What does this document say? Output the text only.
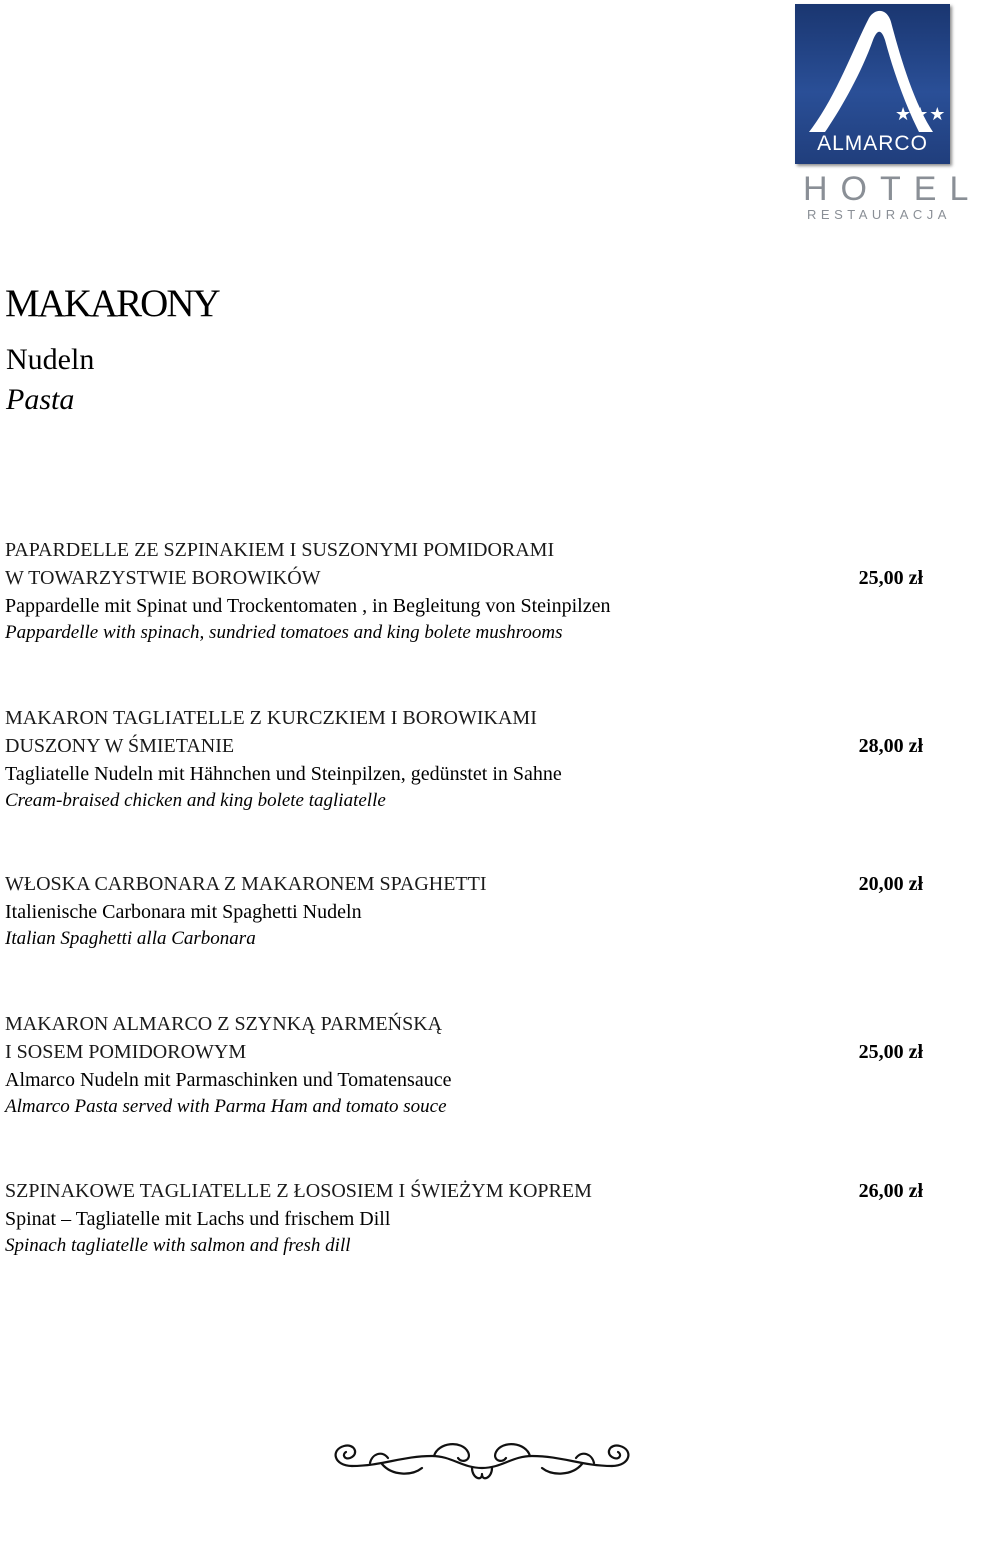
★★★
ALMARCO
HOTEL
RESTAURACJA
MAKARONY
Nudeln
Pasta
PAPARDELLE ZE SZPINAKIEM I SUSZONYMI POMIDORAMI
W TOWARZYSTWIE BOROWIKÓW
Pappardelle mit Spinat und Trockentomaten , in Begleitung von Steinpilzen
Pappardelle with spinach, sundried tomatoes and king bolete mushrooms
25,00 zł
MAKARON TAGLIATELLE Z KURCZKIEM I BOROWIKAMI
DUSZONY W ŚMIETANIE
Tagliatelle Nudeln mit Hähnchen und Steinpilzen, gedünstet in Sahne
Cream-braised chicken and king bolete tagliatelle
28,00 zł
WŁOSKA CARBONARA Z MAKARONEM SPAGHETTI
Italienische Carbonara mit Spaghetti Nudeln
Italian Spaghetti alla Carbonara
20,00 zł
MAKARON ALMARCO Z SZYNKĄ PARMEŃSKĄ
I SOSEM POMIDOROWYM
Almarco Nudeln mit Parmaschinken und Tomatensauce
Almarco Pasta served with Parma Ham and tomato souce
25,00 zł
SZPINAKOWE TAGLIATELLE Z ŁOSOSIEM I ŚWIEŻYM KOPREM
Spinat – Tagliatelle mit Lachs und frischem Dill
Spinach tagliatelle with salmon and fresh dill
26,00 zł
